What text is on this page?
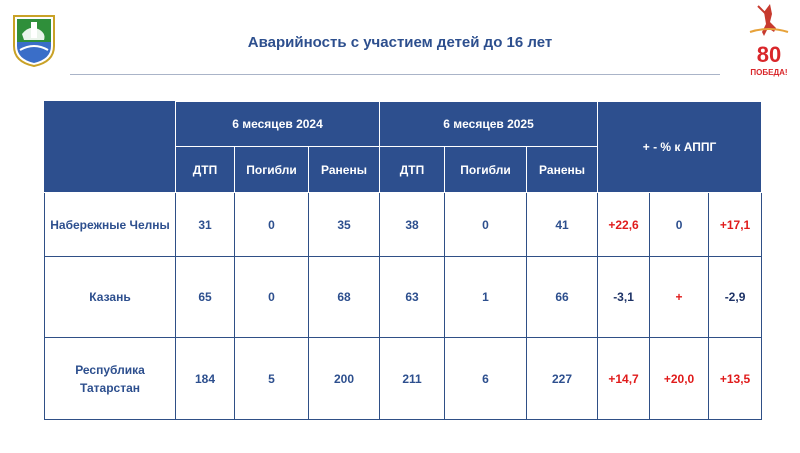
Аварийность с участием детей до 16 лет	80
ПОБЕДА!
	6 месяцев 2024			6 месяцев 2025			+ - % к АППГ		
	ДТП	Погибли	Ранены	ДТП	Погибли	Ранены			
Набережные Челны	31	0	35	38	0	41	+22,6	0	+17,1
Казань	65	0	68	63	1	66	-3,1	+	-2,9
Республика Татарстан	184	5	200	211	6	227	+14,7	+20,0	+13,5
